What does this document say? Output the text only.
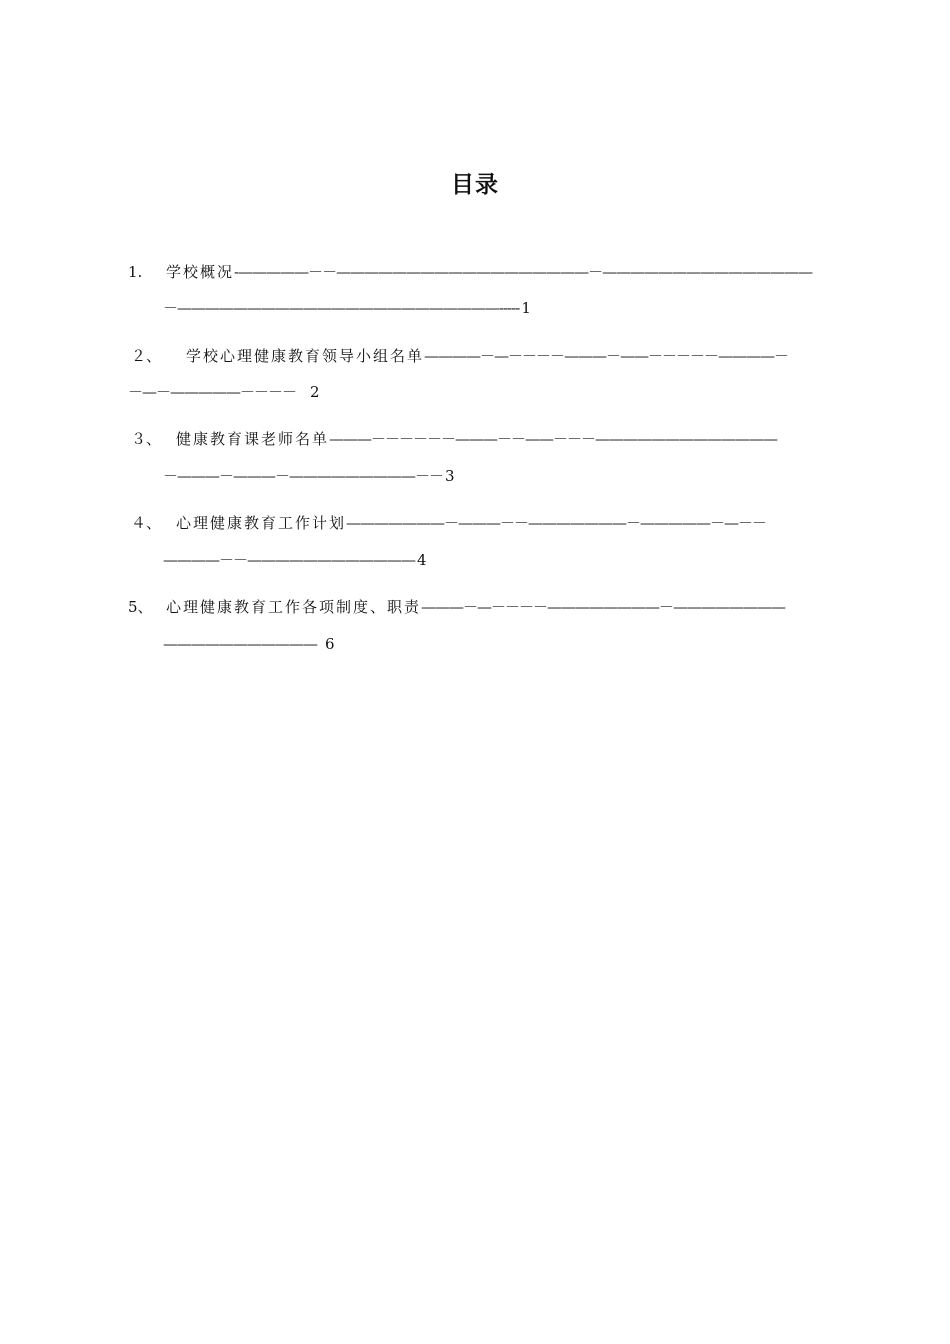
目录
1. 学校概况-—————－－——————————————————－———————————————
－———————————————————————----- 1
２、 学校心理健康教育领导小组名单————－—－－－－———－——－－－－－————－
－—－—————－－－－ 2
３、 健康教育课老师名单———－－－－－－———－－——－－－—————————————
－———－———－—————————－－ 3
４、 心理健康教育工作计划———————－———－－———————－—————－—－－
————－－———————————— 4
5、 心理健康教育工作各项制度、职责———－—－－－－————————－————————
——————————— 6
